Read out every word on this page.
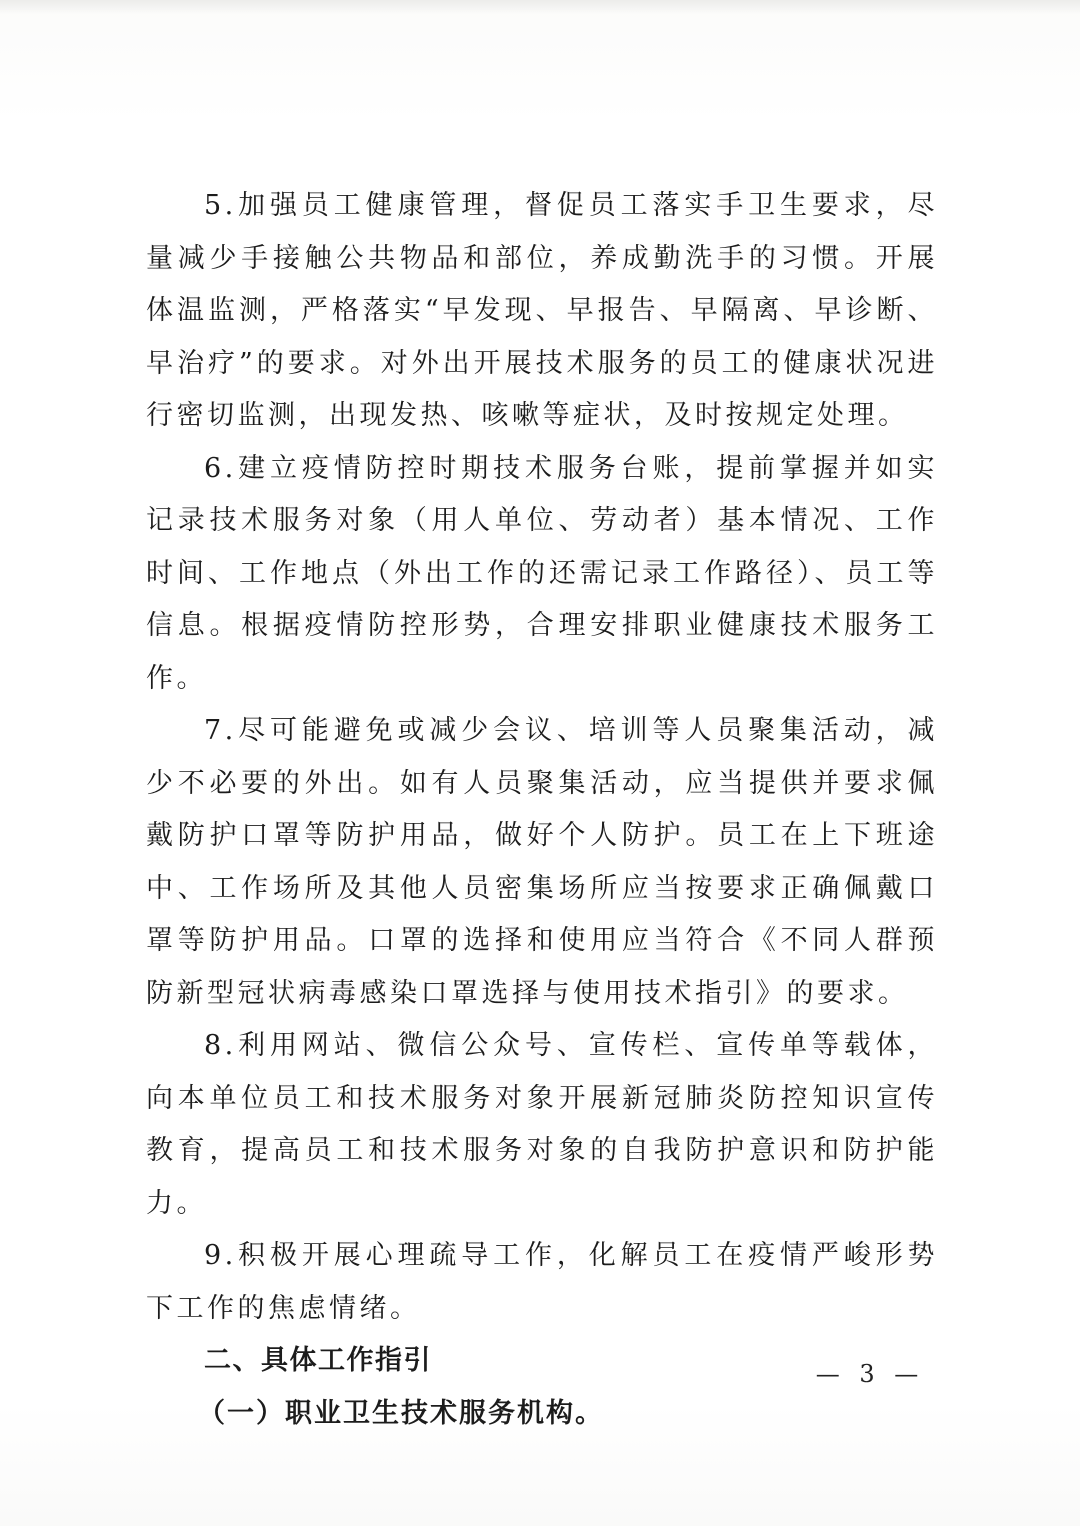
5.加强员工健康管理，督促员工落实手卫生要求，尽量减少手接触公共物品和部位，养成勤洗手的习惯。开展体温监测，严格落实“早发现、早报告、早隔离、早诊断、早治疗”的要求。对外出开展技术服务的员工的健康状况进行密切监测，出现发热、咳嗽等症状，及时按规定处理。

6.建立疫情防控时期技术服务台账，提前掌握并如实记录技术服务对象（用人单位、劳动者）基本情况、工作时间、工作地点（外出工作的还需记录工作路径）、员工等信息。根据疫情防控形势，合理安排职业健康技术服务工作。

7.尽可能避免或减少会议、培训等人员聚集活动，减少不必要的外出。如有人员聚集活动，应当提供并要求佩戴防护口罩等防护用品，做好个人防护。员工在上下班途中、工作场所及其他人员密集场所应当按要求正确佩戴口罩等防护用品。口罩的选择和使用应当符合《不同人群预防新型冠状病毒感染口罩选择与使用技术指引》的要求。

8.利用网站、微信公众号、宣传栏、宣传单等载体，向本单位员工和技术服务对象开展新冠肺炎防控知识宣传教育，提高员工和技术服务对象的自我防护意识和防护能力。

9.积极开展心理疏导工作，化解员工在疫情严峻形势下工作的焦虑情绪。

二、具体工作指引

（一）职业卫生技术服务机构。

— 3 —
